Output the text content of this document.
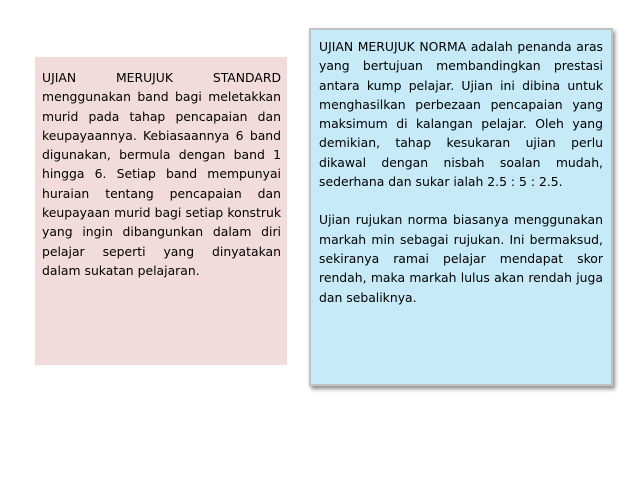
UJIAN MERUJUK STANDARD menggunakan band bagi meletakkan murid pada tahap pencapaian dan keupayaannya. Kebiasaannya 6 band digunakan, bermula dengan band 1 hingga 6. Setiap band mempunyai huraian tentang pencapaian dan keupayaan murid bagi setiap konstruk yang ingin dibangunkan dalam diri pelajar seperti yang dinyatakan dalam sukatan pelajaran.

UJIAN MERUJUK NORMA adalah penanda aras yang bertujuan membandingkan prestasi antara kump pelajar. Ujian ini dibina untuk menghasilkan perbezaan pencapaian yang maksimum di kalangan pelajar. Oleh yang demikian, tahap kesukaran ujian perlu dikawal dengan nisbah soalan mudah, sederhana dan sukar ialah 2.5 : 5 : 2.5.

Ujian rujukan norma biasanya menggunakan markah min sebagai rujukan. Ini bermaksud, sekiranya ramai pelajar mendapat skor rendah, maka markah lulus akan rendah juga dan sebaliknya.
